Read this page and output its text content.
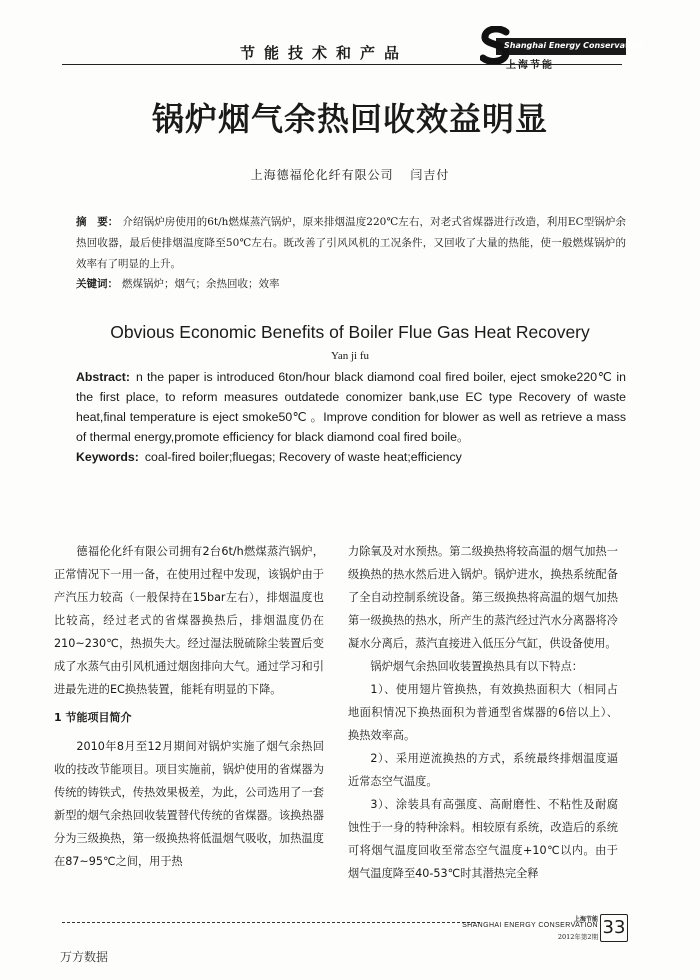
节能技术和产品	Shanghai Energy Conservation
上海节能
锅炉烟气余热回收效益明显
上海德福伦化纤有限公司 闫吉付
摘　要： 介绍锅炉房使用的6t/h燃煤蒸汽锅炉，原来排烟温度220℃左右，对老式省煤器进行改造，利用EC型锅炉余热回收器，最后使排烟温度降至50℃左右。既改善了引风风机的工况条件，又回收了大量的热能，使一般燃煤锅炉的效率有了明显的上升。
关键词： 燃煤锅炉；烟气；余热回收；效率
Obvious Economic Benefits of Boiler Flue Gas Heat Recovery
Yan ji fu
Abstract: n the paper is introduced 6ton/hour black diamond coal fired boiler, eject smoke220℃ in the first place, to reform measures outdatede conomizer bank,use EC type Recovery of waste heat,final temperature is eject smoke50℃ 。Improve condition for blower as well as retrieve a mass of thermal energy,promote efficiency for black diamond coal fired boile。
Keywords: coal-fired boiler;fluegas; Recovery of waste heat;efficiency

德福伦化纤有限公司拥有2台6t/h燃煤蒸汽锅炉，正常情况下一用一备，在使用过程中发现，该锅炉由于产汽压力较高（一般保持在15bar左右），排烟温度也比较高，经过老式的省煤器换热后，排烟温度仍在210~230℃，热损失大。经过湿法脱硫除尘装置后变成了水蒸气由引风机通过烟囱排向大气。通过学习和引进最先进的EC换热装置，能耗有明显的下降。

1 节能项目简介

2010年8月至12月期间对锅炉实施了烟气余热回收的技改节能项目。项目实施前，锅炉使用的省煤器为传统的铸铁式，传热效果极差，为此，公司选用了一套新型的烟气余热回收装置替代传统的省煤器。该换热器分为三级换热，第一级换热将低温烟气吸收，加热温度在87~95℃之间，用于热

力除氧及对水预热。第二级换热将较高温的烟气加热一级换热的热水然后进入锅炉。锅炉进水，换热系统配备了全自动控制系统设备。第三级换热将高温的烟气加热第一级换热的热水，所产生的蒸汽经过汽水分离器将冷凝水分离后，蒸汽直接进入低压分气缸，供设备使用。

锅炉烟气余热回收装置换热具有以下特点：

1）、使用翅片管换热，有效换热面积大（相同占地面积情况下换热面积为普通型省煤器的6倍以上）、换热效率高。

2）、采用逆流换热的方式，系统最终排烟温度逼近常态空气温度。

3）、涂装具有高强度、高耐磨性、不粘性及耐腐蚀性于一身的特种涂料。相较原有系统，改造后的系统可将烟气温度回收至常态空气温度+10℃以内。由于烟气温度降至40-53℃时其潜热完全释

上海节能
SHANGHAI ENERGY CONSERVATION
2012年第2期 33
万方数据
